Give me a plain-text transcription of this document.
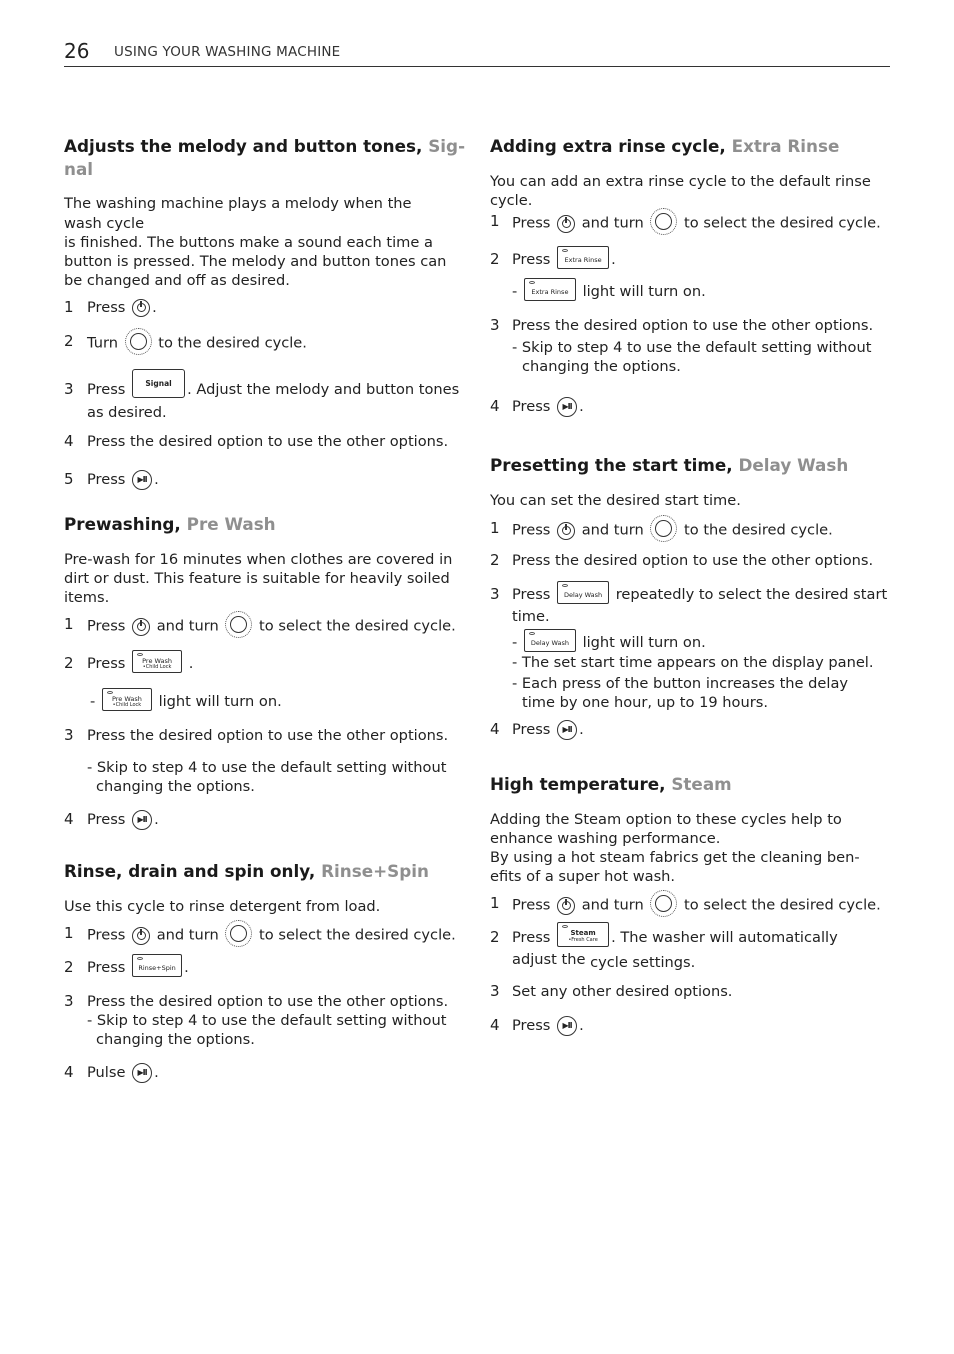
26 USING YOUR WASHING MACHINE
Adjusts the melody and button tones, Sig-
nal
The washing machine plays a melody when the
wash cycle
is finished. The buttons make a sound each time a
button is pressed. The melody and button tones can
be changed and off as desired.
1 Press .
2 Turn	to the desired cycle.
3 Press	Signal	. Adjust the melody and button tones
as desired.
4 Press the desired option to use the other options.
5 Press ▶II .
Prewashing, Pre Wash
Pre-wash for 16 minutes when clothes are covered in
dirt or dust. This feature is suitable for heavily soiled
items.
1 Press and turn	to select the desired cycle.
2 Press	Pre Wash
•Child Lock .
-	Pre Wash
•Child Lock	light will turn on.
3 Press the desired option to use the other options.
- Skip to step 4 to use the default setting without
changing the options.
4 Press ▶II .
Rinse, drain and spin only, Rinse+Spin
Use this cycle to rinse detergent from load.
1 Press and turn	to select the desired cycle.
2 Press	Rinse+Spin .
3 Press the desired option to use the other options.
- Skip to step 4 to use the default setting without
changing the options.
4 Pulse ▶II .
Adding extra rinse cycle, Extra Rinse
You can add an extra rinse cycle to the default rinse
cycle.
1 Press and turn	to select the desired cycle.
2 Press	Extra Rinse .
-	Extra Rinse light will turn on.
3 Press the desired option to use the other options.
- Skip to step 4 to use the default setting without
changing the options.
4 Press ▶II .
Presetting the start time, Delay Wash
You can set the desired start time.
1 Press and turn	to the desired cycle.
2 Press the desired option to use the other options.
3 Press	Delay Wash repeatedly to select the desired start
time.
-	Delay Wash light will turn on.
- The set start time appears on the display panel.
- Each press of the button increases the delay
time by one hour, up to 19 hours.
4 Press ▶II .
High temperature, Steam
Adding the Steam option to these cycles help to
enhance washing performance.
By using a hot steam fabrics get the cleaning ben-
efits of a super hot wash.
1 Press and turn	to select the desired cycle.
2 Press	Steam
•Fresh Care . The washer will automatically
adjust the cycle settings.
3 Set any other desired options.
4 Press ▶II .
